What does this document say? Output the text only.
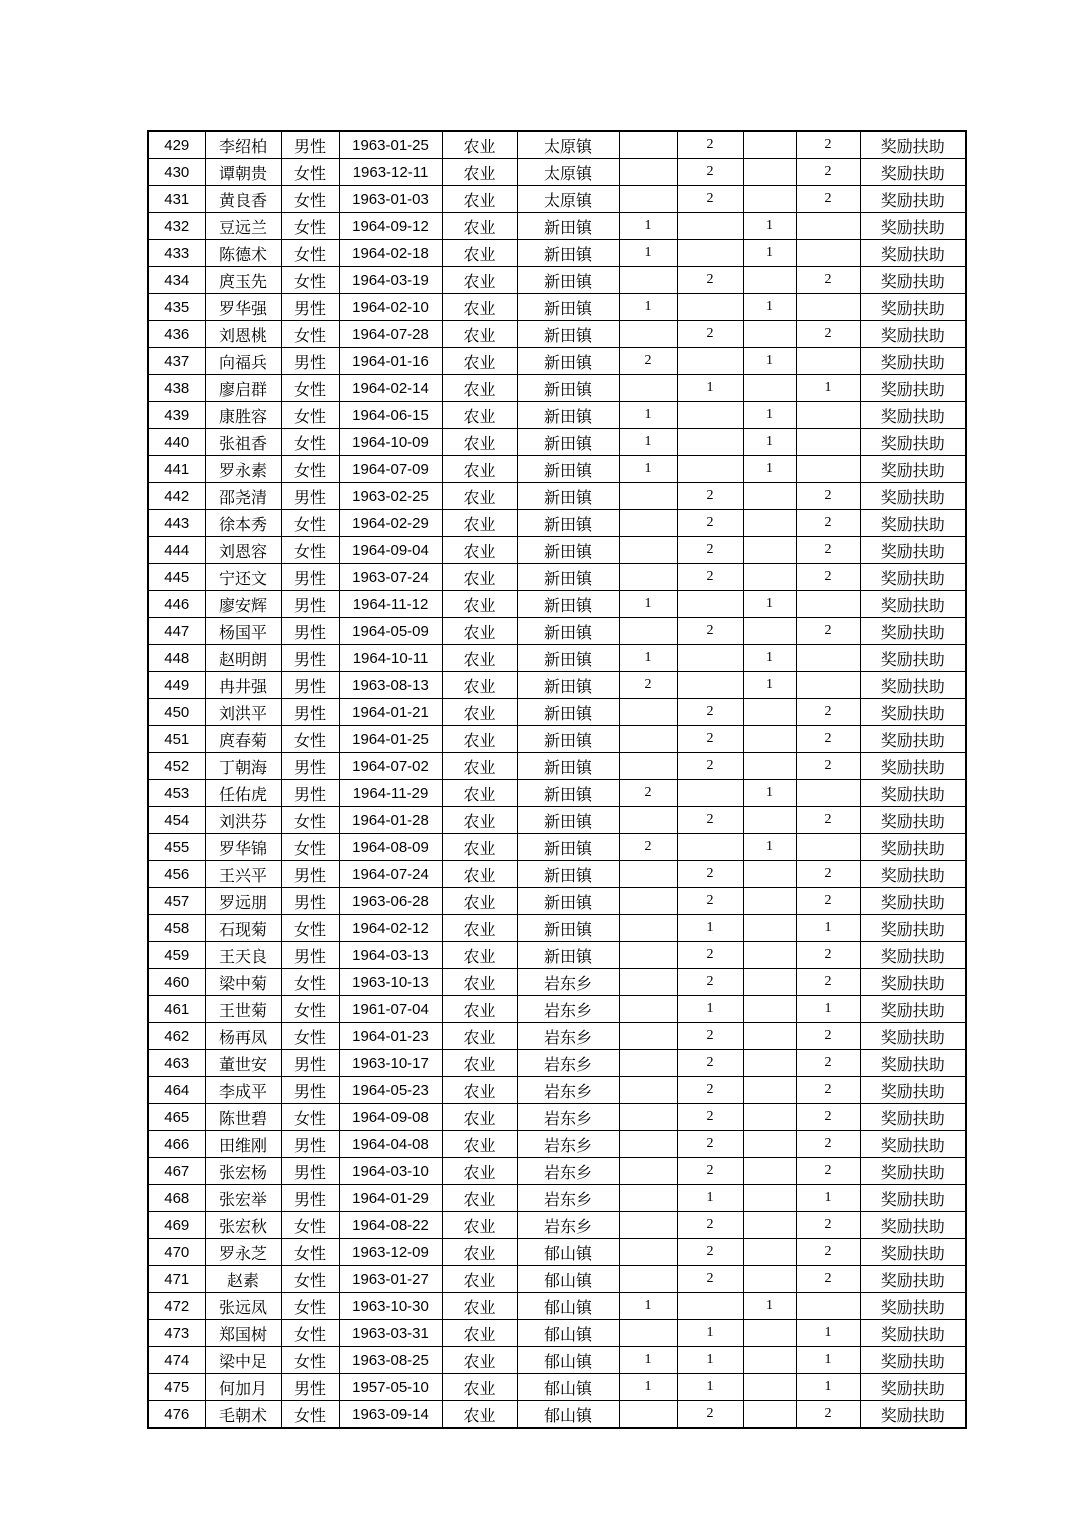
429	李绍柏	男性	1963-01-25	农业	太原镇		2		2	奖励扶助
430	谭朝贵	女性	1963-12-11	农业	太原镇		2		2	奖励扶助
431	黄良香	女性	1963-01-03	农业	太原镇		2		2	奖励扶助
432	豆远兰	女性	1964-09-12	农业	新田镇	1		1		奖励扶助
433	陈德术	女性	1964-02-18	农业	新田镇	1		1		奖励扶助
434	庹玉先	女性	1964-03-19	农业	新田镇		2		2	奖励扶助
435	罗华强	男性	1964-02-10	农业	新田镇	1		1		奖励扶助
436	刘恩桃	女性	1964-07-28	农业	新田镇		2		2	奖励扶助
437	向福兵	男性	1964-01-16	农业	新田镇	2		1		奖励扶助
438	廖启群	女性	1964-02-14	农业	新田镇		1		1	奖励扶助
439	康胜容	女性	1964-06-15	农业	新田镇	1		1		奖励扶助
440	张祖香	女性	1964-10-09	农业	新田镇	1		1		奖励扶助
441	罗永素	女性	1964-07-09	农业	新田镇	1		1		奖励扶助
442	邵尧清	男性	1963-02-25	农业	新田镇		2		2	奖励扶助
443	徐本秀	女性	1964-02-29	农业	新田镇		2		2	奖励扶助
444	刘恩容	女性	1964-09-04	农业	新田镇		2		2	奖励扶助
445	宁还文	男性	1963-07-24	农业	新田镇		2		2	奖励扶助
446	廖安辉	男性	1964-11-12	农业	新田镇	1		1		奖励扶助
447	杨国平	男性	1964-05-09	农业	新田镇		2		2	奖励扶助
448	赵明朗	男性	1964-10-11	农业	新田镇	1		1		奖励扶助
449	冉井强	男性	1963-08-13	农业	新田镇	2		1		奖励扶助
450	刘洪平	男性	1964-01-21	农业	新田镇		2		2	奖励扶助
451	庹春菊	女性	1964-01-25	农业	新田镇		2		2	奖励扶助
452	丁朝海	男性	1964-07-02	农业	新田镇		2		2	奖励扶助
453	任佑虎	男性	1964-11-29	农业	新田镇	2		1		奖励扶助
454	刘洪芬	女性	1964-01-28	农业	新田镇		2		2	奖励扶助
455	罗华锦	女性	1964-08-09	农业	新田镇	2		1		奖励扶助
456	王兴平	男性	1964-07-24	农业	新田镇		2		2	奖励扶助
457	罗远朋	男性	1963-06-28	农业	新田镇		2		2	奖励扶助
458	石现菊	女性	1964-02-12	农业	新田镇		1		1	奖励扶助
459	王天良	男性	1964-03-13	农业	新田镇		2		2	奖励扶助
460	梁中菊	女性	1963-10-13	农业	岩东乡		2		2	奖励扶助
461	王世菊	女性	1961-07-04	农业	岩东乡		1		1	奖励扶助
462	杨再凤	女性	1964-01-23	农业	岩东乡		2		2	奖励扶助
463	董世安	男性	1963-10-17	农业	岩东乡		2		2	奖励扶助
464	李成平	男性	1964-05-23	农业	岩东乡		2		2	奖励扶助
465	陈世碧	女性	1964-09-08	农业	岩东乡		2		2	奖励扶助
466	田维刚	男性	1964-04-08	农业	岩东乡		2		2	奖励扶助
467	张宏杨	男性	1964-03-10	农业	岩东乡		2		2	奖励扶助
468	张宏举	男性	1964-01-29	农业	岩东乡		1		1	奖励扶助
469	张宏秋	女性	1964-08-22	农业	岩东乡		2		2	奖励扶助
470	罗永芝	女性	1963-12-09	农业	郁山镇		2		2	奖励扶助
471	赵素	女性	1963-01-27	农业	郁山镇		2		2	奖励扶助
472	张远凤	女性	1963-10-30	农业	郁山镇	1		1		奖励扶助
473	郑国树	女性	1963-03-31	农业	郁山镇		1		1	奖励扶助
474	梁中足	女性	1963-08-25	农业	郁山镇	1	1		1	奖励扶助
475	何加月	男性	1957-05-10	农业	郁山镇	1	1		1	奖励扶助
476	毛朝术	女性	1963-09-14	农业	郁山镇		2		2	奖励扶助
